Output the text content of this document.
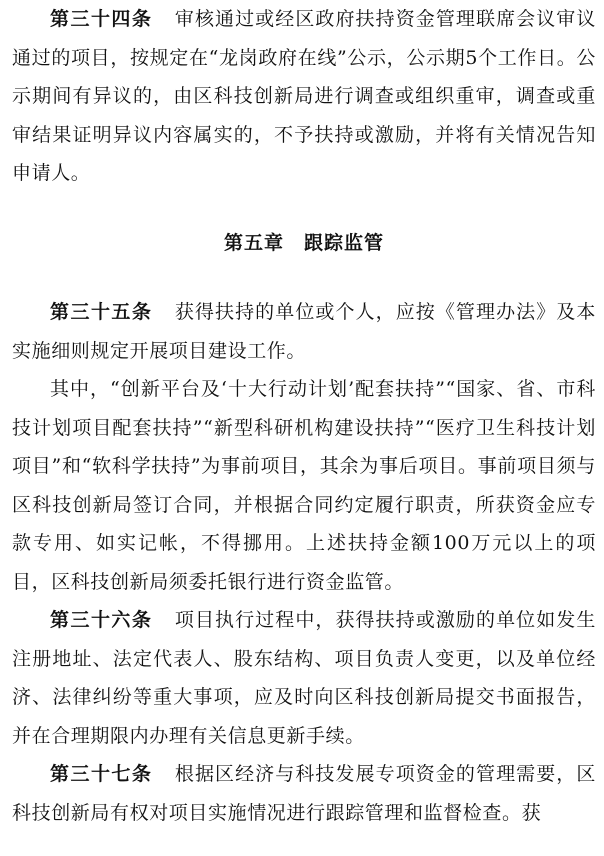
第三十四条 审核通过或经区政府扶持资金管理联席会议审议通过的项目，按规定在“龙岗政府在线”公示，公示期5个工作日。公示期间有异议的，由区科技创新局进行调查或组织重审，调查或重审结果证明异议内容属实的，不予扶持或激励，并将有关情况告知申请人。

第五章 跟踪监管

第三十五条 获得扶持的单位或个人，应按《管理办法》及本实施细则规定开展项目建设工作。

其中，“创新平台及‘十大行动计划’配套扶持”“国家、省、市科技计划项目配套扶持”“新型科研机构建设扶持”“医疗卫生科技计划项目”和“软科学扶持”为事前项目，其余为事后项目。事前项目须与区科技创新局签订合同，并根据合同约定履行职责，所获资金应专款专用、如实记帐，不得挪用。上述扶持金额100万元以上的项目，区科技创新局须委托银行进行资金监管。

第三十六条 项目执行过程中，获得扶持或激励的单位如发生注册地址、法定代表人、股东结构、项目负责人变更，以及单位经济、法律纠纷等重大事项，应及时向区科技创新局提交书面报告，并在合理期限内办理有关信息更新手续。

第三十七条 根据区经济与科技发展专项资金的管理需要，区科技创新局有权对项目实施情况进行跟踪管理和监督检查。获
